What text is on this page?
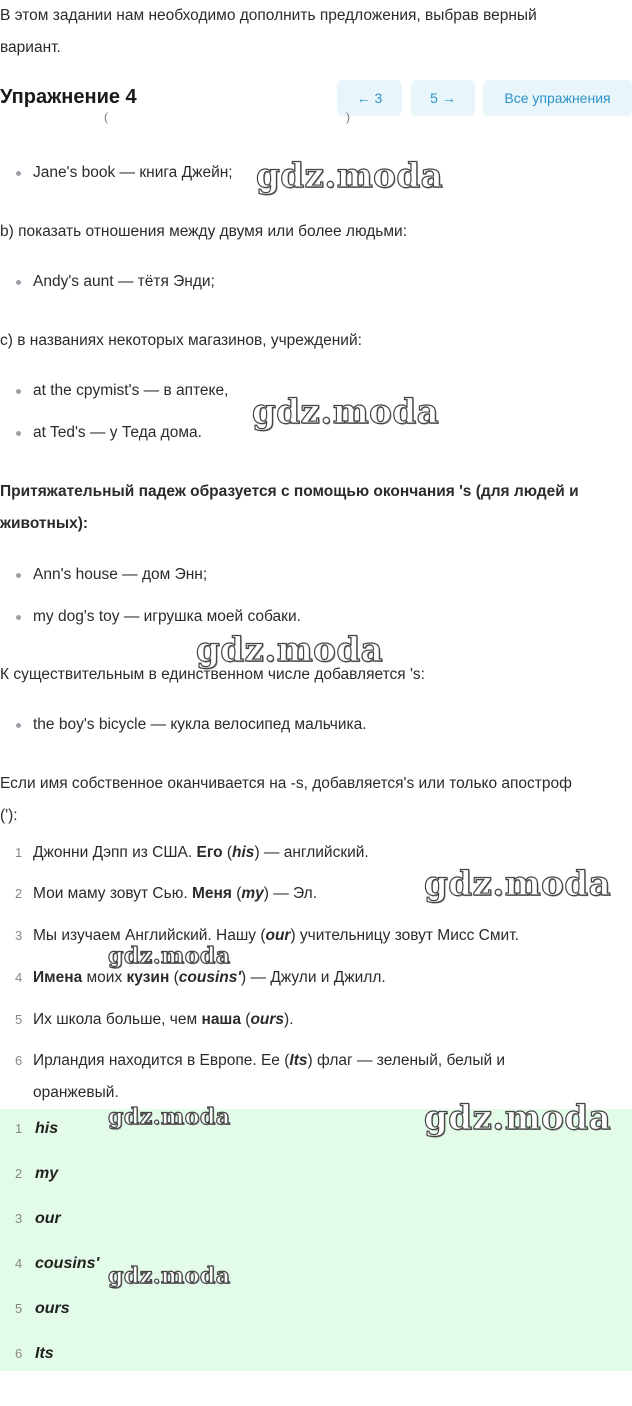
В этом задании нам необходимо дополнить предложения, выбрав верный
вариант.
Упражнение 4	← 3	5 →	Все упражнения
(	)
Jane's book — книга Джейн;
b) показать отношения между двумя или более людьми:
Andy's aunt — тётя Энди;
c) в названиях некоторых магазинов, учреждений:
at the сpymist's — в аптеке,
at Ted's — у Теда дома.
Притяжательный падеж образуется с помощью окончания 's (для людей и
животных):
Ann's house — дом Энн;
my dog's toy — игрушка моей собаки.
К существительным в единственном числе добавляется 's:
the boy's bicycle — кукла велосипед мальчика.
Если имя собственное оканчивается на -s, добавляется's или только апостроф
('):
1 Джонни Дэпп из США. Его (his) — английский.
2 Мои маму зовут Сью. Меня (my) — Эл.
3 Мы изучаем Английский. Нашу (our) учительницу зовут Мисс Смит.
4 Имена моих кузин (cousins') — Джули и Джилл.
5 Их школа больше, чем наша (ours).
6 Ирландия находится в Европе. Ее (Its) флаг — зеленый, белый и
оранжевый.
1 his
2 my
3 our
4 cousins'
5 ours
6 Its
gdz.moda
gdz.moda
gdz.moda
gdz.moda
gdz.moda
gdz.moda
gdz.moda
gdz.moda
